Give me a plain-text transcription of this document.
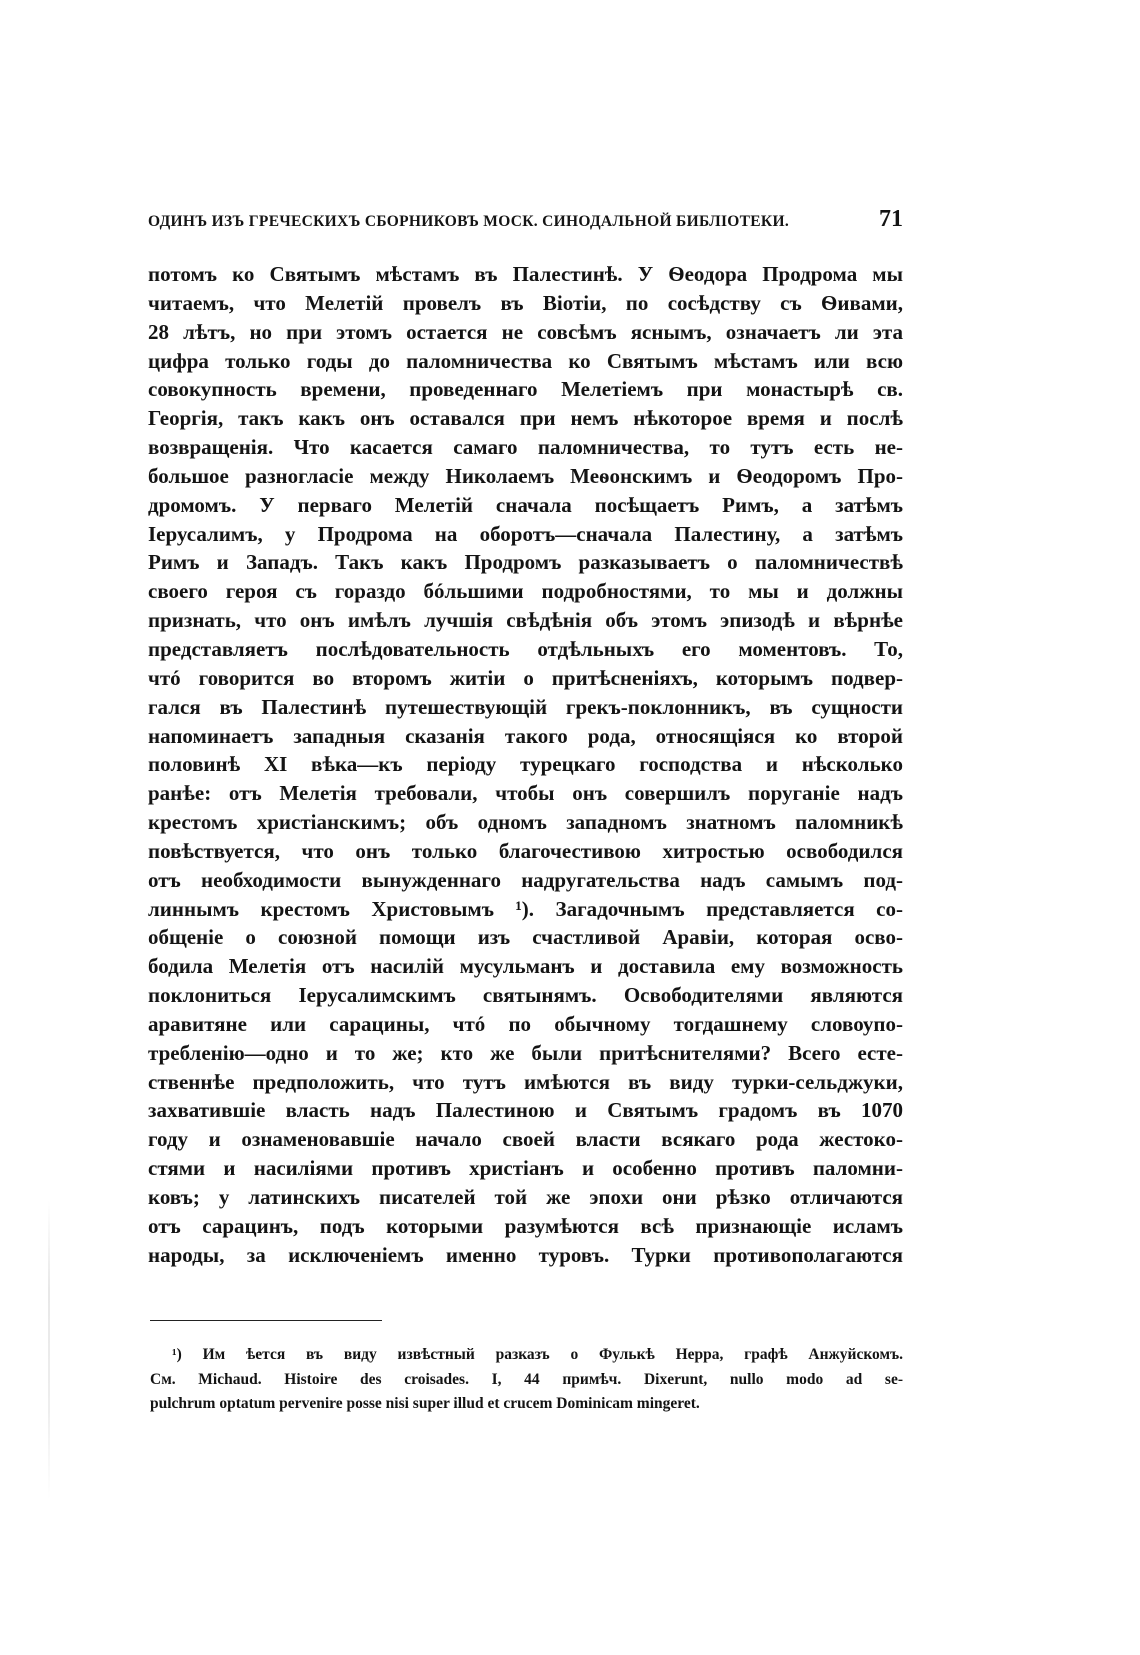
ОДИНЪ ИЗЪ ГРЕЧЕСКИХЪ СБОРНИКОВЪ МОСК. СИНОДАЛЬНОЙ БИБЛІОТЕКИ.	71
потомъ ко Святымъ мѣстамъ въ Палестинѣ. У Ѳеодора Продрома мы
читаемъ, что Мелетій провелъ въ Віотіи, по сосѣдству съ Ѳивами,
28 лѣтъ, но при этомъ остается не совсѣмъ яснымъ, означаетъ ли эта
цифра только годы до паломничества ко Святымъ мѣстамъ или всю
совокупность времени, проведеннаго Мелетіемъ при монастырѣ св.
Георгія, такъ какъ онъ оставался при немъ нѣкоторое время и послѣ
возвращенія. Что касается самаго паломничества, то тутъ есть не-
большое разногласіе между Николаемъ Меѳонскимъ и Ѳеодоромъ Про-
дромомъ. У перваго Мелетій сначала посѣщаетъ Римъ, а затѣмъ
Іерусалимъ, у Продрома на оборотъ—сначала Палестину, а затѣмъ
Римъ и Западъ. Такъ какъ Продромъ разказываетъ о паломничествѣ
своего героя съ гораздо бóльшими подробностями, то мы и должны
признать, что онъ имѣлъ лучшія свѣдѣнія объ этомъ эпизодѣ и вѣрнѣе
представляетъ послѣдовательность отдѣльныхъ его моментовъ. То,
чтó говорится во второмъ житіи о притѣсненіяхъ, которымъ подвер-
гался въ Палестинѣ путешествующій грекъ-поклонникъ, въ сущности
напоминаетъ западныя сказанія такого рода, относящіяся ко второй
половинѣ XI вѣка—къ періоду турецкаго господства и нѣсколько
ранѣе: отъ Мелетія требовали, чтобы онъ совершилъ поруганіе надъ
крестомъ христіанскимъ; объ одномъ западномъ знатномъ паломникѣ
повѣствуется, что онъ только благочестивою хитростью освободился
отъ необходимости вынужденнаго надругательства надъ самымъ под-
линнымъ крестомъ Христовымъ ¹). Загадочнымъ представляется со-
общеніе о союзной помощи изъ счастливой Аравіи, которая осво-
бодила Мелетія отъ насилій мусульманъ и доставила ему возможность
поклониться Іерусалимскимъ святынямъ. Освободителями являются
аравитяне или сарацины, чтó по обычному тогдашнему словоупо-
требленію—одно и то же; кто же были притѣснителями? Всего есте-
ственнѣе предположить, что тутъ имѣются въ виду турки-сельджуки,
захватившіе власть надъ Палестиною и Святымъ градомъ въ 1070
году и ознаменовавшіе начало своей власти всякаго рода жестоко-
стями и насиліями противъ христіанъ и особенно противъ паломни-
ковъ; у латинскихъ писателей той же эпохи они рѣзко отличаются
отъ сарацинъ, подъ которыми разумѣются всѣ признающіе исламъ
народы, за исключеніемъ именно туровъ. Турки противополагаются
¹) Им ѣется въ виду извѣстный разказъ о Фулькѣ Нерра, графѣ Анжуйскомъ.
См. Michaud. Histoire des croisades. I, 44 примѣч. Dixerunt, nullo modo ad se-
pulchrum optatum pervenire posse nisi super illud et crucem Dominicam mingeret.
